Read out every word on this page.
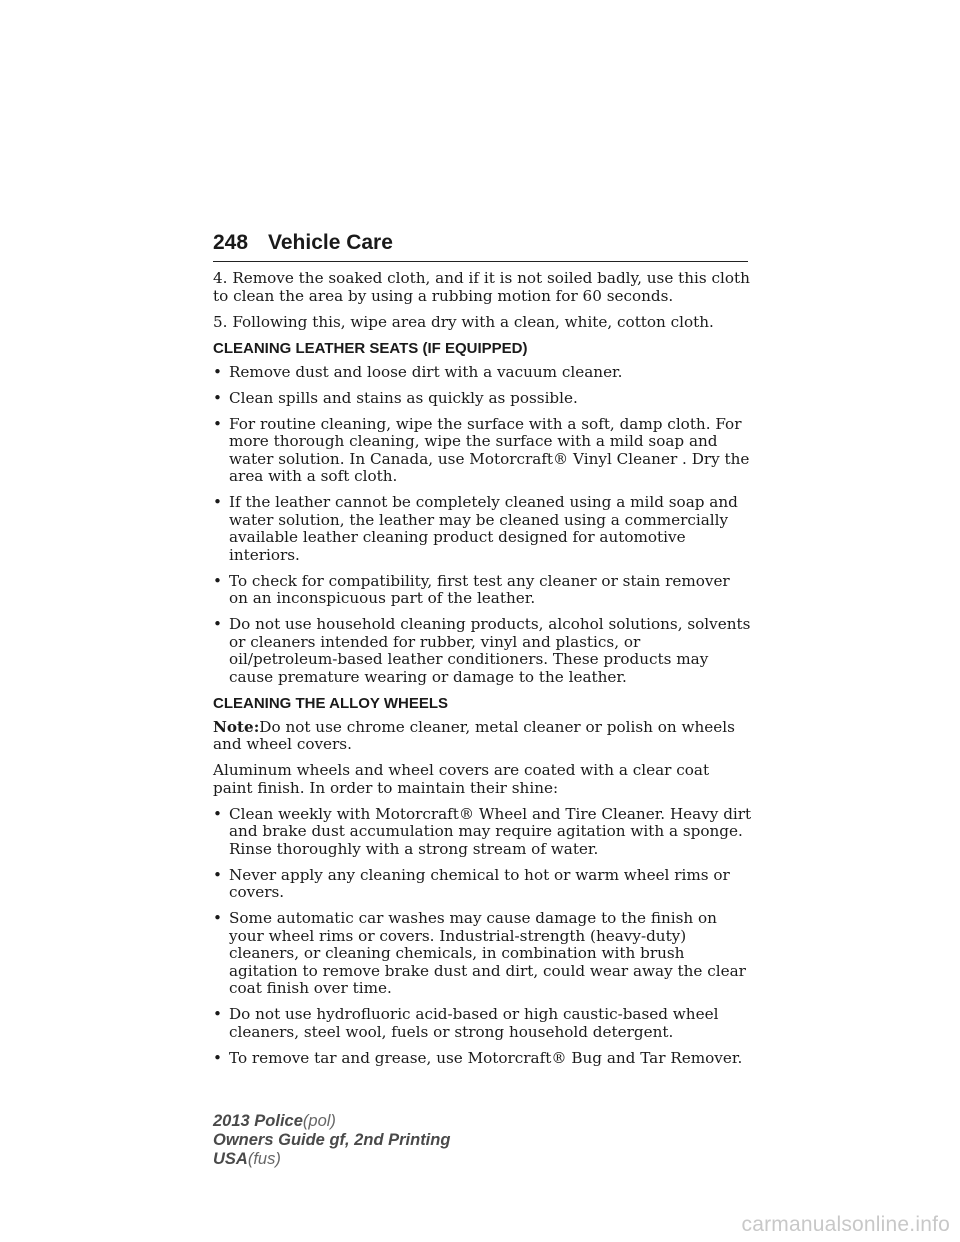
248 Vehicle Care

4. Remove the soaked cloth, and if it is not soiled badly, use this cloth to clean the area by using a rubbing motion for 60 seconds.

5. Following this, wipe area dry with a clean, white, cotton cloth.

CLEANING LEATHER SEATS (IF EQUIPPED)
• Remove dust and loose dirt with a vacuum cleaner.
• Clean spills and stains as quickly as possible.
• For routine cleaning, wipe the surface with a soft, damp cloth. For more thorough cleaning, wipe the surface with a mild soap and water solution. In Canada, use Motorcraft® Vinyl Cleaner . Dry the area with a soft cloth.
• If the leather cannot be completely cleaned using a mild soap and water solution, the leather may be cleaned using a commercially available leather cleaning product designed for automotive interiors.
• To check for compatibility, first test any cleaner or stain remover on an inconspicuous part of the leather.
• Do not use household cleaning products, alcohol solutions, solvents or cleaners intended for rubber, vinyl and plastics, or oil/petroleum-based leather conditioners. These products may cause premature wearing or damage to the leather.
CLEANING THE ALLOY WHEELS

Note:Do not use chrome cleaner, metal cleaner or polish on wheels and wheel covers.

Aluminum wheels and wheel covers are coated with a clear coat paint finish. In order to maintain their shine:

• Clean weekly with Motorcraft® Wheel and Tire Cleaner. Heavy dirt and brake dust accumulation may require agitation with a sponge. Rinse thoroughly with a strong stream of water.
• Never apply any cleaning chemical to hot or warm wheel rims or covers.
• Some automatic car washes may cause damage to the finish on your wheel rims or covers. Industrial-strength (heavy-duty) cleaners, or cleaning chemicals, in combination with brush agitation to remove brake dust and dirt, could wear away the clear coat finish over time.
• Do not use hydrofluoric acid-based or high caustic-based wheel cleaners, steel wool, fuels or strong household detergent.
• To remove tar and grease, use Motorcraft® Bug and Tar Remover.
2013 Police(pol)
Owners Guide gf, 2nd Printing
USA(fus)
carmanualsonline.info
